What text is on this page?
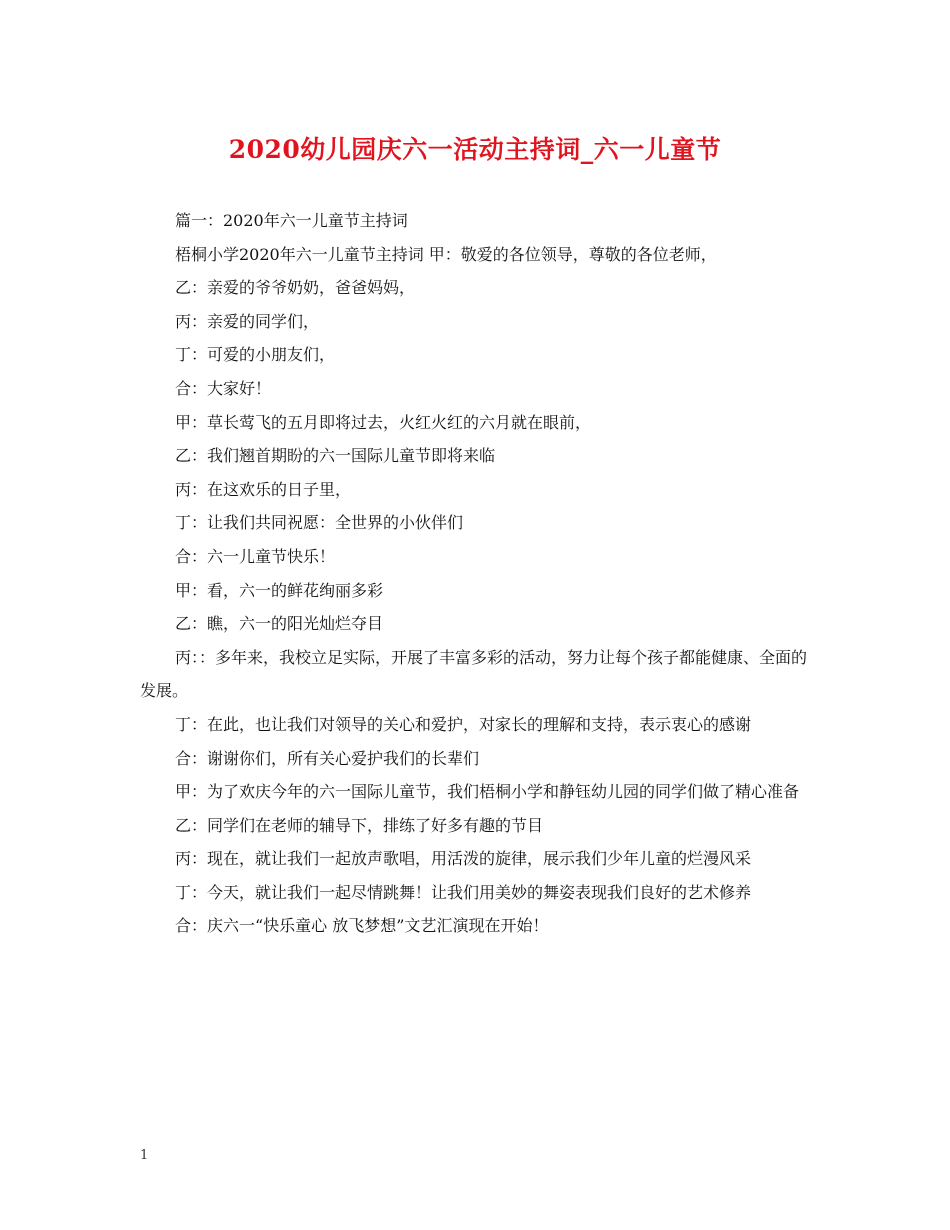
2020幼儿园庆六一活动主持词_六一儿童节

篇一：2020年六一儿童节主持词

梧桐小学2020年六一儿童节主持词 甲：敬爱的各位领导，尊敬的各位老师，

乙：亲爱的爷爷奶奶，爸爸妈妈，

丙：亲爱的同学们，

丁：可爱的小朋友们，

合：大家好！

甲：草长莺飞的五月即将过去，火红火红的六月就在眼前，

乙：我们翘首期盼的六一国际儿童节即将来临

丙：在这欢乐的日子里，

丁：让我们共同祝愿：全世界的小伙伴们

合：六一儿童节快乐！

甲：看，六一的鲜花绚丽多彩

乙：瞧，六一的阳光灿烂夺目

丙：：多年来，我校立足实际，开展了丰富多彩的活动，努力让每个孩子都能健康、全面的发展。

丁：在此，也让我们对领导的关心和爱护，对家长的理解和支持，表示衷心的感谢

合：谢谢你们，所有关心爱护我们的长辈们

甲：为了欢庆今年的六一国际儿童节，我们梧桐小学和静钰幼儿园的同学们做了精心准备

乙：同学们在老师的辅导下，排练了好多有趣的节目

丙：现在，就让我们一起放声歌唱，用活泼的旋律，展示我们少年儿童的烂漫风采

丁：今天，就让我们一起尽情跳舞！让我们用美妙的舞姿表现我们良好的艺术修养

合：庆六一“快乐童心 放飞梦想”文艺汇演现在开始！

1
